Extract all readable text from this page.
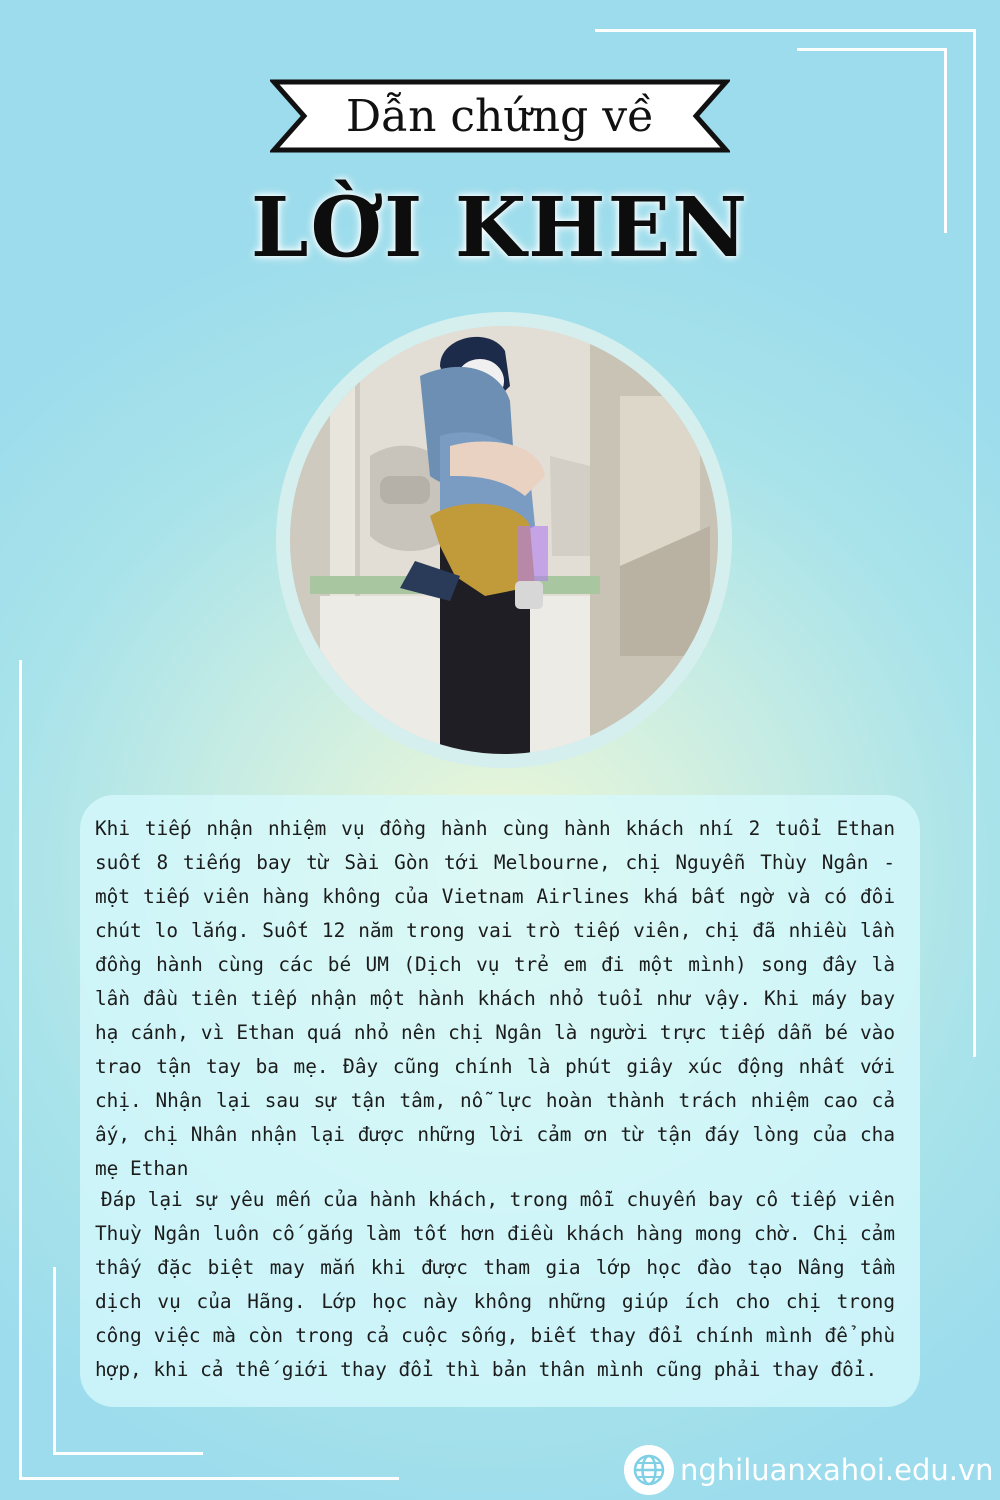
Dẫn chứng về
LỜI KHEN

Khi tiếp nhận nhiệm vụ đồng hành cùng hành khách nhí 2 tuổi Ethan suốt 8 tiếng bay từ Sài Gòn tới Melbourne, chị Nguyễn Thùy Ngân - một tiếp viên hàng không của Vietnam Airlines khá bất ngờ và có đôi chút lo lắng. Suốt 12 năm trong vai trò tiếp viên, chị đã nhiều lần đồng hành cùng các bé UM (Dịch vụ trẻ em đi một mình) song đây là lần đầu tiên tiếp nhận một hành khách nhỏ tuổi như vậy. Khi máy bay hạ cánh, vì Ethan quá nhỏ nên chị Ngân là người trực tiếp dẫn bé vào trao tận tay ba mẹ. Đây cũng chính là phút giây xúc động nhất với chị. Nhận lại sau sự tận tâm, nỗ lực hoàn thành trách nhiệm cao cả ấy, chị Nhân nhận lại được những lời cảm ơn từ tận đáy lòng của cha mẹ Ethan

Đáp lại sự yêu mến của hành khách, trong mỗi chuyến bay cô tiếp viên Thuỳ Ngân luôn cố gắng làm tốt hơn điều khách hàng mong chờ. Chị cảm thấy đặc biệt may mắn khi được tham gia lớp học đào tạo Nâng tầm dịch vụ của Hãng. Lớp học này không những giúp ích cho chị trong công việc mà còn trong cả cuộc sống, biết thay đổi chính mình để phù hợp, khi cả thế giới thay đổi thì bản thân mình cũng phải thay đổi.

nghiluanxahoi.edu.vn
